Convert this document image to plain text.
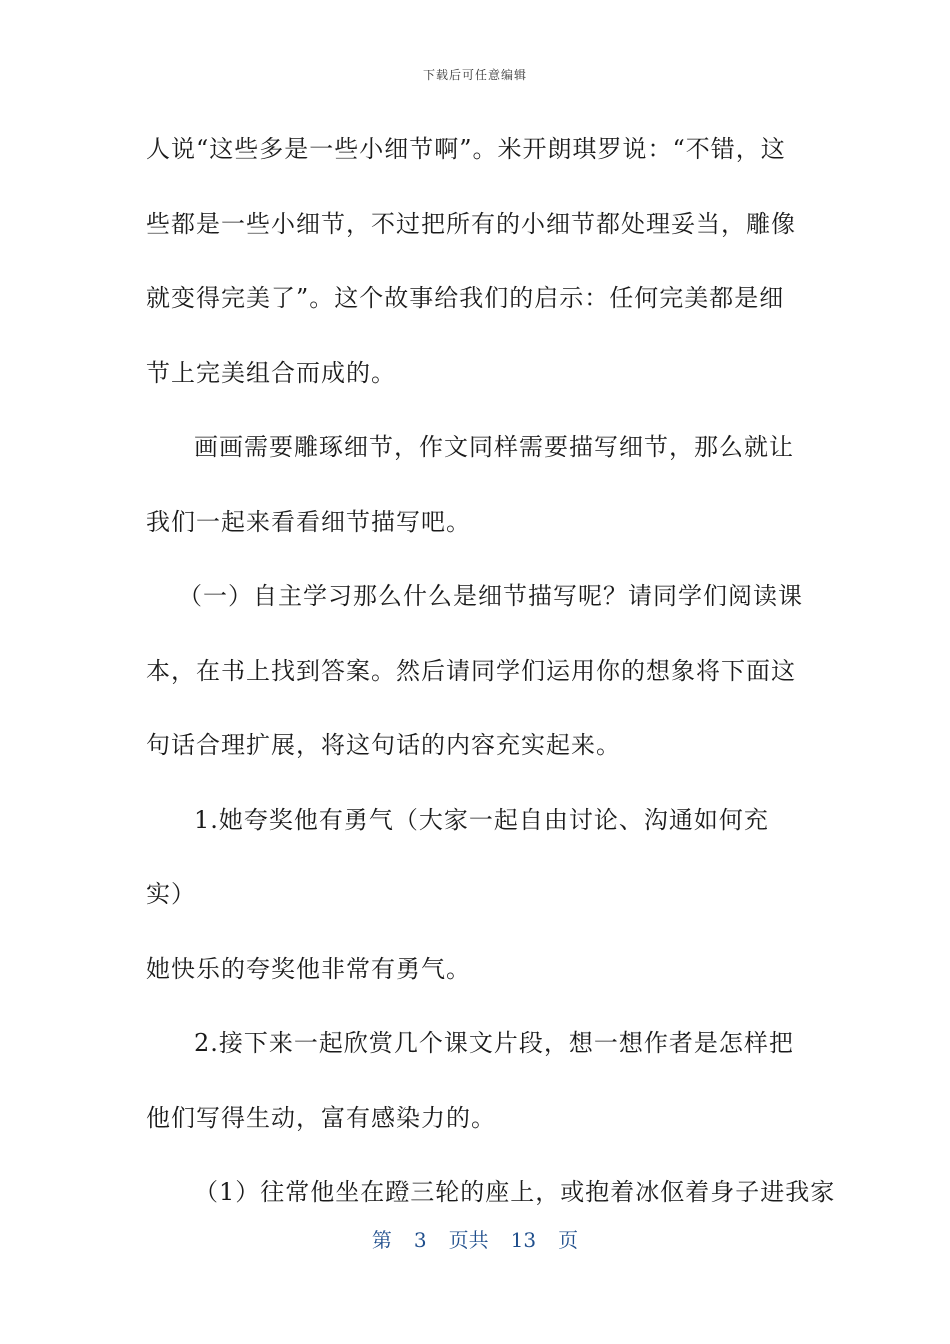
下载后可任意编辑

人说“这些多是一些小细节啊”。米开朗琪罗说：“不错，这些都是一些小细节，不过把所有的小细节都处理妥当，雕像就变得完美了”。这个故事给我们的启示：任何完美都是细节上完美组合而成的。

画画需要雕琢细节，作文同样需要描写细节，那么就让我们一起来看看细节描写吧。

（一）自主学习那么什么是细节描写呢？请同学们阅读课本，在书上找到答案。然后请同学们运用你的想象将下面这句话合理扩展，将这句话的内容充实起来。

1.她夸奖他有勇气（大家一起自由讨论、沟通如何充实）

她快乐的夸奖他非常有勇气。

2.接下来一起欣赏几个课文片段，想一想作者是怎样把他们写得生动，富有感染力的。

（1）往常他坐在蹬三轮的座上，或抱着冰伛着身子进我家

第 3 页共 13 页
